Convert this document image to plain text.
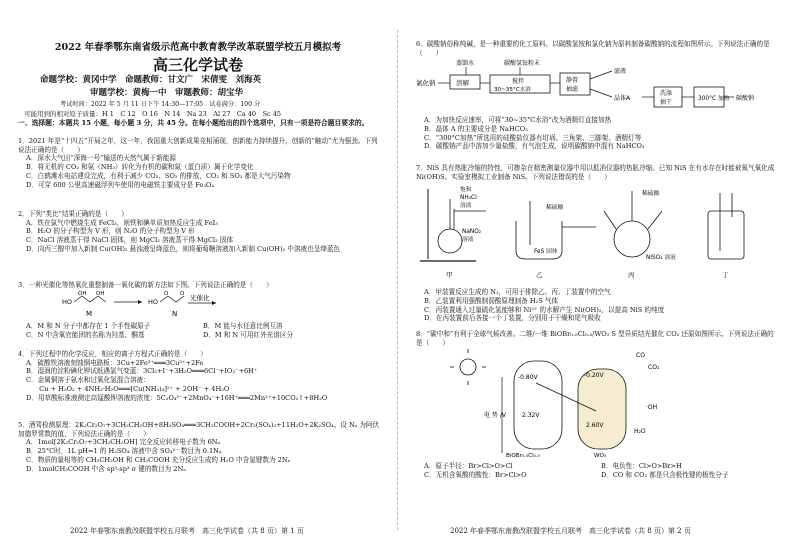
2022 年春季鄂东南省级示范高中教育教学改革联盟学校五月模拟考
高三化学试卷
命题学校：黄冈中学　命题教师：甘文广　宋倩雯　刘海英
审题学校：黄梅一中　审题教师：胡宝华
考试时间：2022 年 5 月 11 日下午 14:30—17:05　试卷满分：100 分
可能用到的相对原子质量：H 1　C 12　O 16　N 14　Na 23　Al 27　Ca 40　Sc 45
一、选择题：本题共 15 小题，每小题 3 分，共 45 分。在每小题给出的四个选项中，只有一项是符合题目要求的。

1．2021 年是“十四五”开局之年，这一年，我国重大创新成果竞相涌现，创新能力持续提升，创新的“触动”尤为强劲。下列说法正确的是（　　）

A．深水大气田“深海一号”输送的天然气属于新能源

B．将无机的 CO₂ 和氨（NH₃）转化为有机的碳和氮（蛋白质）属于化学变化

C．白鹤滩水电站建设完成，有利于减少 CO₂、SO₂ 的排放，CO₂ 和 SO₂ 都是大气污染物

D．可穿 600 公里高速磁浮列车使用的电磁铁主要成分是 Fe₃O₄

2．下列“类比”结果正确的是（　　）

A．铁在氯气中燃烧生成 FeCl₃，则铁和碘单质加热反应生成 FeI₃

B．H₂O 的分子构型为 V 形，则 N₂O 的分子构型为 V 形

C．NaCl 溶液蒸干得 NaCl 固体，则 MgCl₂ 溶液蒸干得 MgCl₂ 固体

D．向丙三醇中加入新制 Cu(OH)₂ 悬浊液呈绛蓝色，则将葡萄糖溶液加入新制 Cu(OH)₂ 中溶液也呈绛蓝色

3．一种光催化等热氧化重整制备一氧化碳的新方法如下图。下列说法正确的是（　　）

HO
OH OH
M
HO
O O
N
光催化
A．M 和 N 分子中都存在 1 个手性碳原子	B．M 能与水任意比例互溶
C．N 中含氧官能团的名称为羟基、酮基	D．M 和 N 可用红外光谱区分

4．下列过程中的化学反应，相应的离子方程式正确的是（　　）

A．硫酸铁溶液刻蚀铜电路板：3Cu+2Fe³⁺═══3Cu²⁺+2Fe

B．湿润的淀粉碘化钾试纸遇氯气变蓝：3Cl₂+I⁻+3H₂O═══6Cl⁻+IO₃⁻+6H⁺

C．金属铜溶于氨水和过氧化氢混合溶液：

　　Cu + H₂O₂ + 4NH₃·H₂O═══[Cu(NH₃)₄]²⁺ + 2OH⁻ + 4H₂O

D．用草酸标准液测定高锰酸钾溶液的浓度：5C₂O₄²⁻+2MnO₄⁻+16H⁺═══2Mn²⁺+10CO₂↑+8H₂O

5．酒驾检测原理：2K₂Cr₂O₇+3CH₃CH₂OH+8H₂SO₄═══3CH₃COOH+2Cr₂(SO₄)₃+11H₂O+2K₂SO₄。设 Nₐ 为阿伏加德罗常数的值，下列说法正确的是（　　）

A．1mol[2K₂Cr₂O₇+3CH₃CH₂OH] 完全反应转移电子数为 6Nₐ

B．25°C时，1L pH=1 的 H₂SO₄ 溶液中含 SO₄²⁻ 数目为 0.1Nₐ

C．物质的量相等的 CH₃CH₂OH 和 CH₃COOH 充分反应生成的 H₂O 中含氢键数为 2Nₐ

D．1molCH₃COOH 中含 sp³-sp³ σ 键的数目为 2Nₐ

6．碳酸钠俗称纯碱，是一种重要的化工原料。以碳酸氢铵和氯化钠为原料制备碳酸钠的流程如图所示。下列说法正确的是（　　）

蒸馏水	碳酸氢铵粉末
氯化钠	溶解	搅拌
30~35°C水浴
静置
抽滤
滤液
晶体A
洗涤
抽干	300°C 加热 碳酸钠

A．为加快反应速率，可将“30~35°C水浴”改为酒精灯直接加热

B．晶体 A 的主要成分是 NaHCO₃

C．“300°C加热”所选用的硅酸盐仪器有坩埚、三角架、三脚架、酒精灯等

D．碳酸钠产品中溶加少量盐酸，有气泡生成，说明碳酸钠中混有 NaHCO₃

7．NiS 具有热胀冷缩的特性，可掺杂在精密测量仪器中用以抵消仪器的热胀冷缩。已知 NiS 在有水存在时能被氧气氧化成 Ni(OH)S。实验室模拟工业制备 NiS。下列说法错误的是（　　）

饱和
NH₄Cl
溶液
NaNO₂
溶液
甲
稀硫酸
FeS 固体
乙
稀硫酸
NiSO₄ 溶液
丙	丁

A．甲装置反应生成的 N₂，可用于排除乙、丙、丁装置中的空气

B．乙装置利用强酸制弱酸原理制备 H₂S 气体

C．丙装置通入过量硫化氢能够和 Ni²⁺ 的水解产生 Ni(OH)₂，以提高 NiS 的纯度

D．在丙装置前后各接一个丁装置，分别用于干燥和尾气吸收

8．“碳中和”有利于全球气候改善。二维/一维 BiOBr₀.₅Cl₀.₅/WO₃ S 型异质结光催化 CO₂ 还原如图所示。下列说法正确的是（　　）

电 势 /V
-0.80V	-0.20V
2.32V
2.60V
CO
CO₂
·OH
H₂O
BiOBr₀.₅Cl₀.₅	WO₃
A．原子半径：Br>Cl>O>Cl	B．电负性：Cl>O>Br>H
C．无机含氧酸的酸性：Br>Cl>O	D．CO 和 CO₂ 都是只含极性键的极性分子
2022 年春鄂东南教改联盟学校五月联考　高三化学试卷（共 8 页）第 1 页	2022 年春季鄂东南教改联盟学校五月联考　高三化学试卷（共 8 页）第 2 页
